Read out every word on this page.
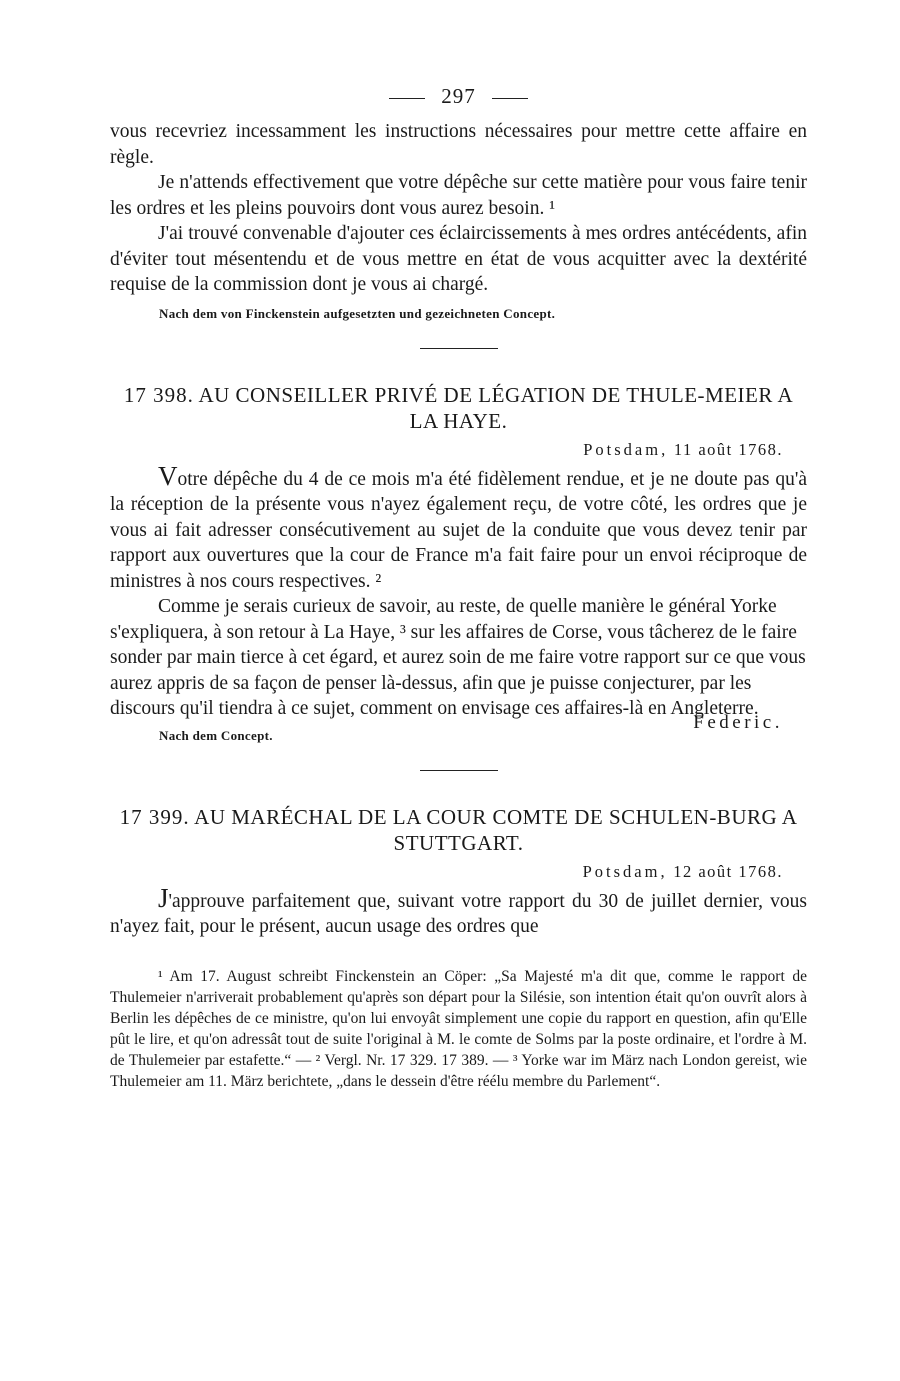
297

vous recevriez incessamment les instructions nécessaires pour mettre cette affaire en règle.

Je n'attends effectivement que votre dépêche sur cette matière pour vous faire tenir les ordres et les pleins pouvoirs dont vous aurez besoin. ¹

J'ai trouvé convenable d'ajouter ces éclaircissements à mes ordres antécédents, afin d'éviter tout mésentendu et de vous mettre en état de vous acquitter avec la dextérité requise de la commission dont je vous ai chargé.

Nach dem von Finckenstein aufgesetzten und gezeichneten Concept.
17 398. AU CONSEILLER PRIVÉ DE LÉGATION DE THULE-MEIER A LA HAYE.
Potsdam, 11 août 1768.

Votre dépêche du 4 de ce mois m'a été fidèlement rendue, et je ne doute pas qu'à la réception de la présente vous n'ayez également reçu, de votre côté, les ordres que je vous ai fait adresser consécutivement au sujet de la conduite que vous devez tenir par rapport aux ouvertures que la cour de France m'a fait faire pour un envoi réciproque de ministres à nos cours respectives. ²

Comme je serais curieux de savoir, au reste, de quelle manière le général Yorke s'expliquera, à son retour à La Haye, ³ sur les affaires de Corse, vous tâcherez de le faire sonder par main tierce à cet égard, et aurez soin de me faire votre rapport sur ce que vous aurez appris de sa façon de penser là-dessus, afin que je puisse conjecturer, par les discours qu'il tiendra à ce sujet, comment on envisage ces affaires-là en Angleterre.

Federic.
Nach dem Concept.
17 399. AU MARÉCHAL DE LA COUR COMTE DE SCHULEN-BURG A STUTTGART.
Potsdam, 12 août 1768.

J'approuve parfaitement que, suivant votre rapport du 30 de juillet dernier, vous n'ayez fait, pour le présent, aucun usage des ordres que

¹ Am 17. August schreibt Finckenstein an Cöper: „Sa Majesté m'a dit que, comme le rapport de Thulemeier n'arriverait probablement qu'après son départ pour la Silésie, son intention était qu'on ouvrît alors à Berlin les dépêches de ce ministre, qu'on lui envoyât simplement une copie du rapport en question, afin qu'Elle pût le lire, et qu'on adressât tout de suite l'original à M. le comte de Solms par la poste ordinaire, et l'ordre à M. de Thulemeier par estafette.“ — ² Vergl. Nr. 17 329. 17 389. — ³ Yorke war im März nach London gereist, wie Thulemeier am 11. März berichtete, „dans le dessein d'être réélu membre du Parlement“.
